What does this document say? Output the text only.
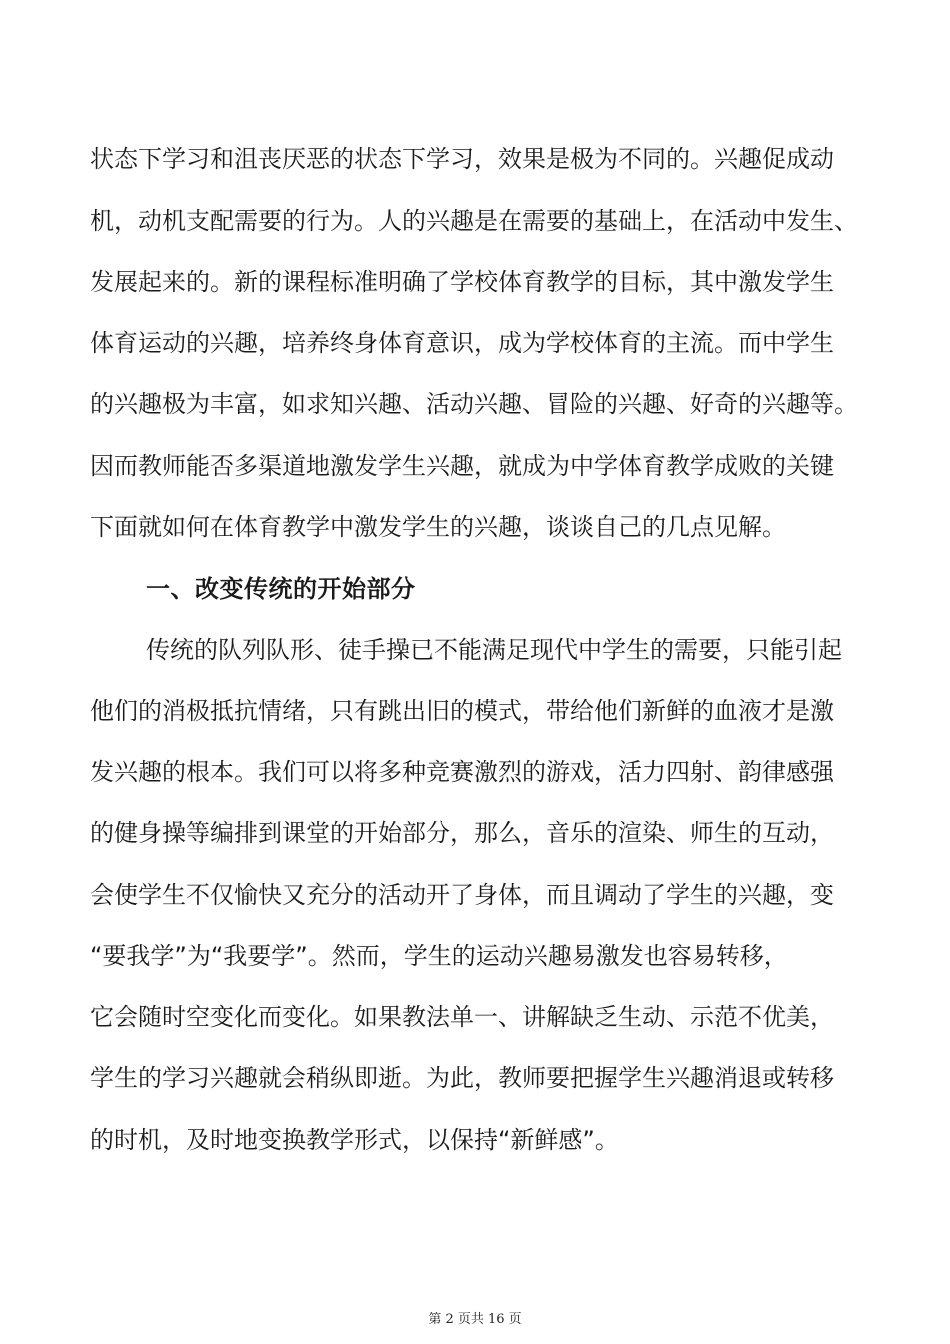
状态下学习和沮丧厌恶的状态下学习，效果是极为不同的。兴趣促成动
机，动机支配需要的行为。人的兴趣是在需要的基础上，在活动中发生、
发展起来的。新的课程标准明确了学校体育教学的目标，其中激发学生
体育运动的兴趣，培养终身体育意识，成为学校体育的主流。而中学生
的兴趣极为丰富，如求知兴趣、活动兴趣、冒险的兴趣、好奇的兴趣等。
因而教师能否多渠道地激发学生兴趣，就成为中学体育教学成败的关键
下面就如何在体育教学中激发学生的兴趣，谈谈自己的几点见解。
一、改变传统的开始部分
传统的队列队形、徒手操已不能满足现代中学生的需要，只能引起
他们的消极抵抗情绪，只有跳出旧的模式，带给他们新鲜的血液才是激
发兴趣的根本。我们可以将多种竞赛激烈的游戏，活力四射、韵律感强
的健身操等编排到课堂的开始部分，那么，音乐的渲染、师生的互动，
会使学生不仅愉快又充分的活动开了身体，而且调动了学生的兴趣，变
“要我学”为“我要学”。然而，学生的运动兴趣易激发也容易转移，
它会随时空变化而变化。如果教法单一、讲解缺乏生动、示范不优美，
学生的学习兴趣就会稍纵即逝。为此，教师要把握学生兴趣消退或转移
的时机，及时地变换教学形式，以保持“新鲜感”。
第 2 页共 16 页
